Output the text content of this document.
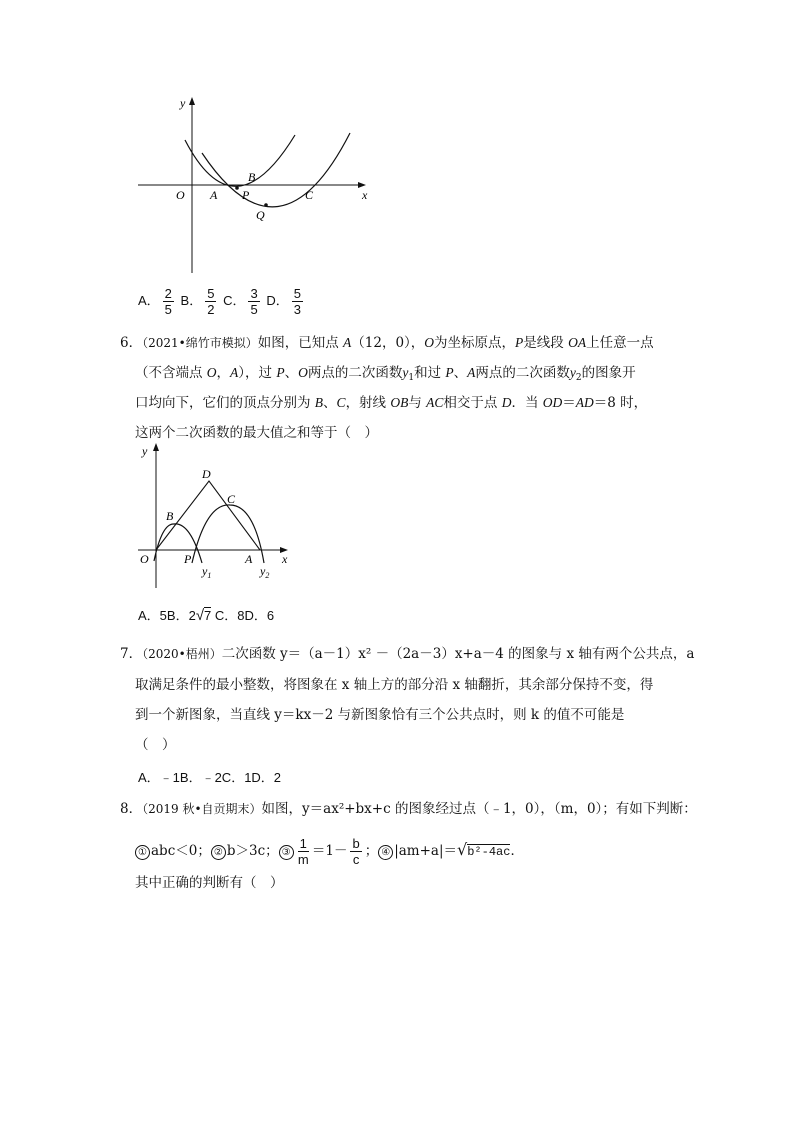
y
x
O A
B
P	C
Q
A． $\frac{2}{5}$ B． $\frac{5}{2}$ C． $\frac{3}{5}$ D． $\frac{5}{3}$
6．（2021•绵竹市模拟）如图，已知点 A（12，0），O为坐标原点，P是线段 OA上任意一点
（不含端点 O，A），过 P、O两点的二次函数$y_1$和过 P、A两点的二次函数$y_2$的图象开
口均向下，它们的顶点分别为 B、C，射线 OB与 AC相交于点 D．当 OD＝AD＝8 时，
这两个二次函数的最大值之和等于（　）
y
x
O
B
D
C
P	A
$y_1$	$y_2$
A．5B．2√7 C．8D．6
7．（2020•梧州）二次函数 y＝（a－1）x² －（2a－3）x+a－4 的图象与 x 轴有两个公共点，a
取满足条件的最小整数，将图象在 x 轴上方的部分沿 x 轴翻折，其余部分保持不变，得
到一个新图象，当直线 y＝kx－2 与新图象恰有三个公共点时，则 k 的值不可能是
（　）
A．﹣1B．﹣2C．1D．2
8．（2019 秋•自贡期末）如图，y＝ax²+bx+c 的图象经过点（﹣1，0），（m，0）；有如下判断：
① abc＜0； ② b＞3c； ③ $\frac{1}{m} =1- \frac{b}{c}$ ； ④ |am+a|＝√b²-4ac．
其中正确的判断有（　）
